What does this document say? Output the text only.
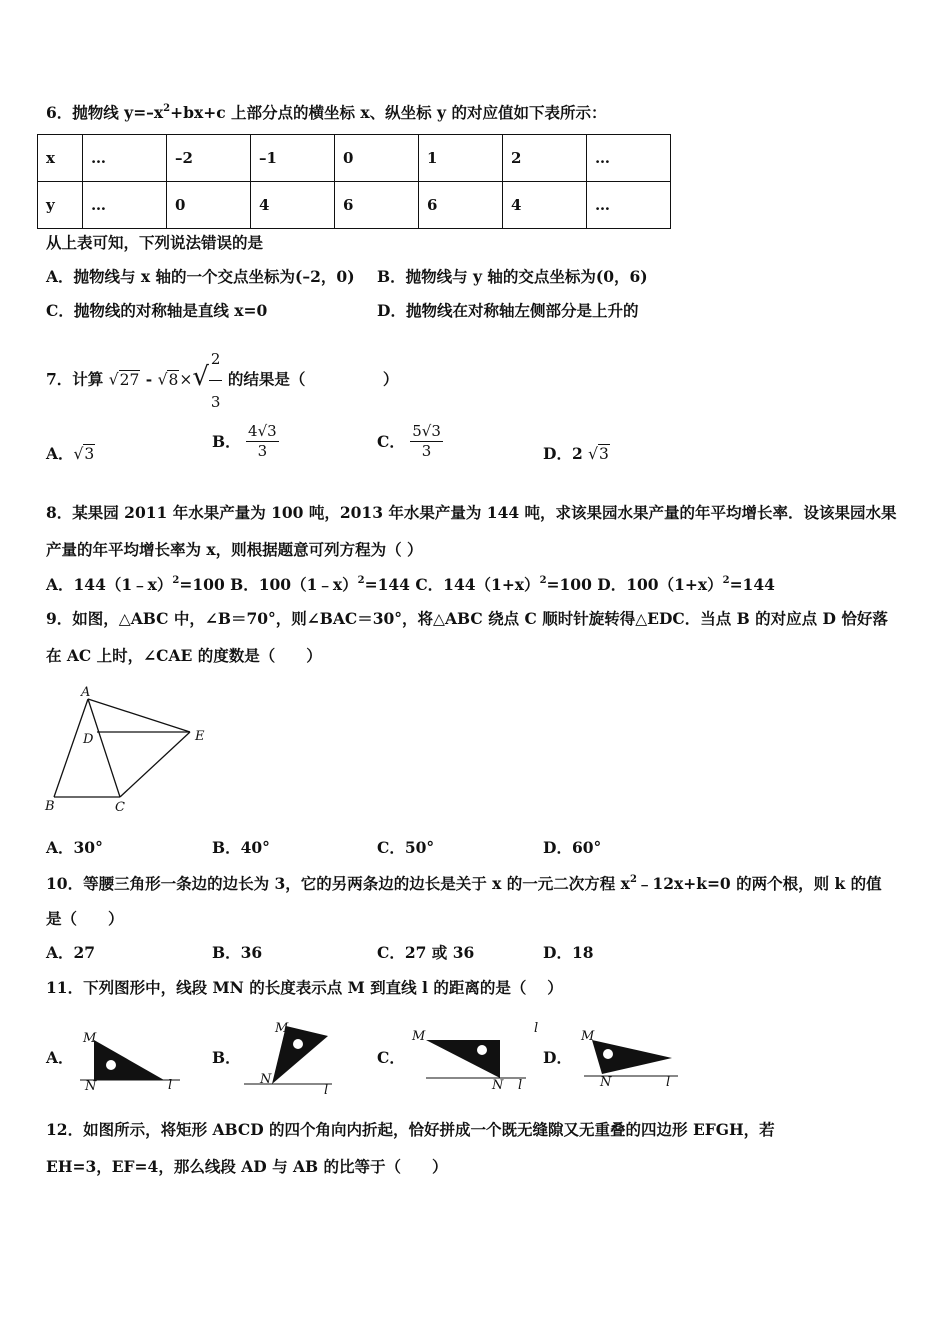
6．抛物线 $y=-x^2+bx+c$ 上部分点的横坐标 x、纵坐标 y 的对应值如下表所示：
x	…	–2	–1	0	1	2	…
y	…	0	4	6	6	4	…
从上表可知，下列说法错误的是
A．抛物线与 x 轴的一个交点坐标为(–2，0) B．抛物线与 y 轴的交点坐标为(0，6)
C．抛物线的对称轴是直线 x=0	D．抛物线在对称轴左侧部分是上升的
7．计算 $√27 - √8\times√ \frac{2}{3}$ 的结果是（　　　　　）
A．√3
B． $\frac{4√3}{3}$	C． $\frac{5√3}{3}$	D．2 √3
8．某果园 2011 年水果产量为 100 吨，2013 年水果产量为 144 吨，求该果园水果产量的年平均增长率．设该果园水果
产量的年平均增长率为 x，则根据题意可列方程为（ ）
A．144（1﹣x）$^2$=100 B．100（1﹣x）$^2$=144 C．$144(1+x)^2=100$ D．$100(1+x)^2=144$
9．如图，△ABC 中，∠B＝70°，则∠BAC＝30°，将△ABC 绕点 C 顺时针旋转得△EDC．当点 B 的对应点 D 恰好落
在 AC 上时，∠CAE 的度数是（　　）
A
D	E
B	C
A．30°	B．40°	C．50°	D．60°
10．等腰三角形一条边的边长为 3，它的另两条边的边长是关于 x 的一元二次方程 $x^2﹣12x+k=0$ 的两个根，则 k 的值
是（　　）
A．27	B．36	C．27 或 36	D．18
11．下列图形中，线段 MN 的长度表示点 M 到直线 l 的距离的是（　 ）
A．
M
N	l
B．
M
N
l
C．
M
N l
l
D．
M
N	l
12．如图所示，将矩形 ABCD 的四个角向内折起，恰好拼成一个既无缝隙又无重叠的四边形 EFGH，若
EH=3，EF=4，那么线段 AD 与 AB 的比等于（　　）
